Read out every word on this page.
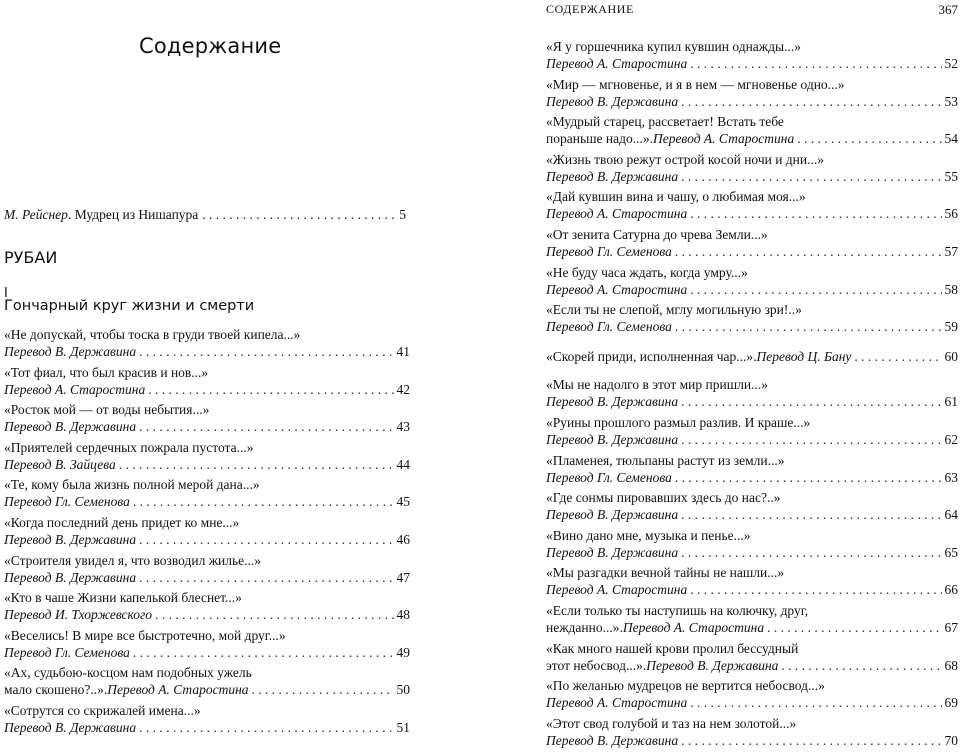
Содержание
М. Рейснер . Мудрец из Нишапура . . .	5
РУБАИ
I
Гончарный круг жизни и смерти
«Не допускай, чтобы тоска в груди твоей кипела...»
Перевод В. Державина . . .	41
«Тот фиал, что был красив и нов...»
Перевод А. Старостина . . .	42
«Росток мой — от воды небытия...»
Перевод В. Державина . . .	43
«Приятелей сердечных пожрала пустота...»
Перевод В. Зайцева . . .	44
«Те, кому была жизнь полной мерой дана...»
Перевод Гл. Семенова . . .	45
«Когда последний день придет ко мне...»
Перевод В. Державина . . .	46
«Строителя увидел я, что возводил жилье...»
Перевод В. Державина . . .	47
«Кто в чаше Жизни капелькой блеснет...»
Перевод И. Тхоржевского . . .	48
«Веселись! В мире все быстротечно, мой друг...»
Перевод Гл. Семенова . . .	49
«Ах, судьбою-косцом нам подобных ужель
мало скошено?..». Перевод А. Старостина . . .	50
«Сотрутся со скрижалей имена...»
Перевод В. Державина . . .	51
СОДЕРЖАНИЕ	367
«Я у горшечника купил кувшин однажды...»
Перевод А. Старостина . . .	52
«Мир — мгновенье, и я в нем — мгновенье одно...»
Перевод В. Державина . . .	53
«Мудрый старец, рассветает! Встать тебе
пораньше надо...». Перевод А. Старостина . . .	54
«Жизнь твою режут острой косой ночи и дни...»
Перевод В. Державина . . .	55
«Дай кувшин вина и чашу, о любимая моя...»
Перевод А. Старостина . . .	56
«От зенита Сатурна до чрева Земли...»
Перевод Гл. Семенова . . .	57
«Не буду часа ждать, когда умру...»
Перевод А. Старостина . . .	58
«Если ты не слепой, мглу могильную зри!..»
Перевод Гл. Семенова . . .	59
«Скорей приди, исполненная чар...». Перевод Ц. Бану . . .	60
«Мы не надолго в этот мир пришли...»
Перевод В. Державина . . .	61
«Руины прошлого размыл разлив. И краше...»
Перевод В. Державина . . .	62
«Пламенея, тюльпаны растут из земли...»
Перевод Гл. Семенова . . .	63
«Где сонмы пировавших здесь до нас?..»
Перевод В. Державина . . .	64
«Вино дано мне, музыка и пенье...»
Перевод В. Державина . . .	65
«Мы разгадки вечной тайны не нашли...»
Перевод А. Старостина . . .	66
«Если только ты наступишь на колючку, друг,
нежданно...». Перевод А. Старостина . . .	67
«Как много нашей крови пролил бессудный
этот небосвод...». Перевод В. Державина . . .	68
«По желанью мудрецов не вертится небосвод...»
Перевод А. Старостина . . .	69
«Этот свод голубой и таз на нем золотой...»
Перевод В. Державина . . .	70
